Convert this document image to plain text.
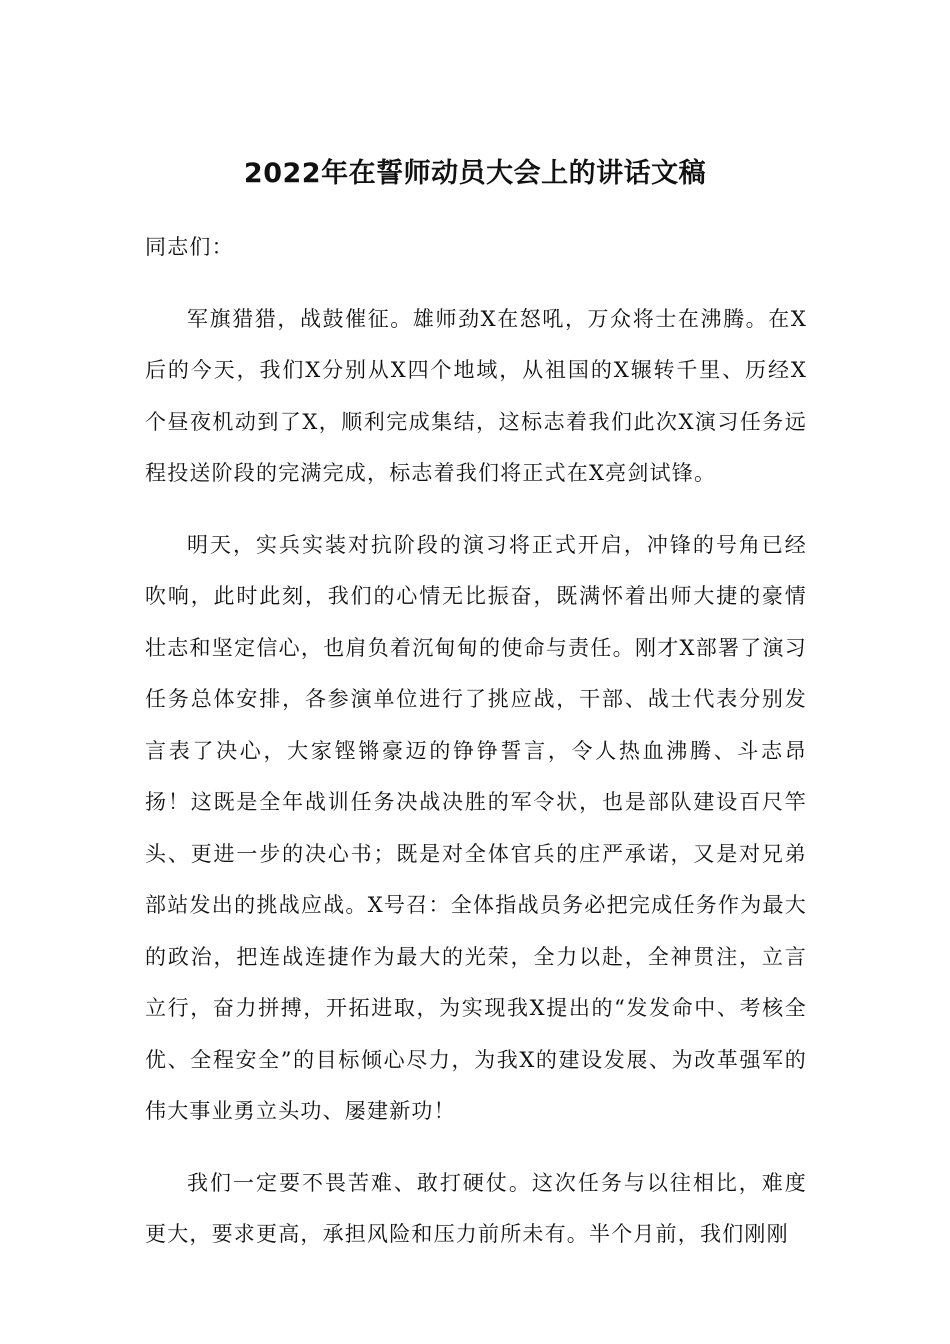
2022年在誓师动员大会上的讲话文稿

同志们：

军旗猎猎，战鼓催征。雄师劲X在怒吼，万众将士在沸腾。在X后的今天，我们X分别从X四个地域，从祖国的X辗转千里、历经X个昼夜机动到了X，顺利完成集结，这标志着我们此次X演习任务远程投送阶段的完满完成，标志着我们将正式在X亮剑试锋。

明天，实兵实装对抗阶段的演习将正式开启，冲锋的号角已经吹响，此时此刻，我们的心情无比振奋，既满怀着出师大捷的豪情壮志和坚定信心，也肩负着沉甸甸的使命与责任。刚才X部署了演习任务总体安排，各参演单位进行了挑应战，干部、战士代表分别发言表了决心，大家铿锵豪迈的铮铮誓言，令人热血沸腾、斗志昂扬！这既是全年战训任务决战决胜的军令状，也是部队建设百尺竿头、更进一步的决心书；既是对全体官兵的庄严承诺，又是对兄弟部站发出的挑战应战。X号召：全体指战员务必把完成任务作为最大的政治，把连战连捷作为最大的光荣，全力以赴，全神贯注，立言立行，奋力拼搏，开拓进取，为实现我X提出的“发发命中、考核全优、全程安全”的目标倾心尽力，为我X的建设发展、为改革强军的伟大事业勇立头功、屡建新功！

我们一定要不畏苦难、敢打硬仗。这次任务与以往相比，难度更大，要求更高，承担风险和压力前所未有。半个月前，我们刚刚
